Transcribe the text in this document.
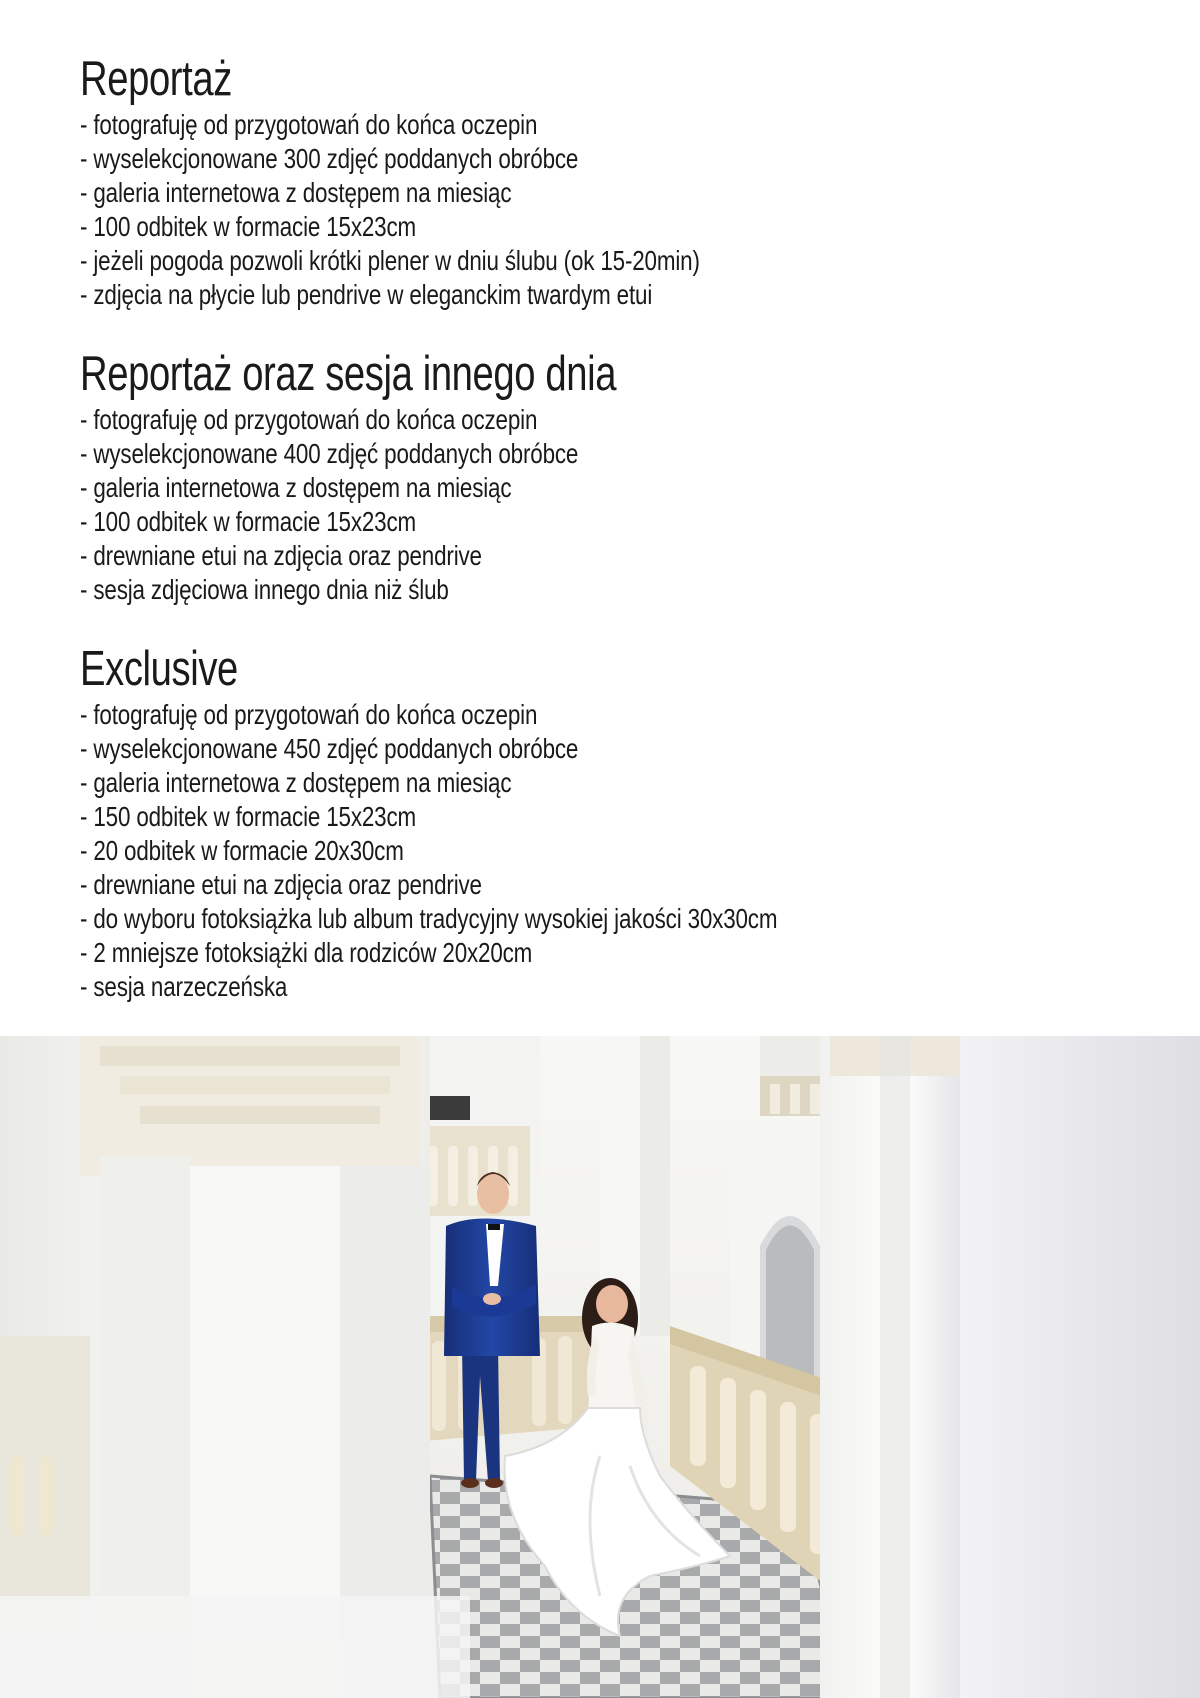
Reportaż
- fotografuję od przygotowań do końca oczepin
- wyselekcjonowane 300 zdjęć poddanych obróbce
- galeria internetowa z dostępem na miesiąc
- 100 odbitek w formacie 15x23cm
- jeżeli pogoda pozwoli krótki plener w dniu ślubu (ok 15-20min)
- zdjęcia na płycie lub pendrive w eleganckim twardym etui
Reportaż oraz sesja innego dnia
- fotografuję od przygotowań do końca oczepin
- wyselekcjonowane 400 zdjęć poddanych obróbce
- galeria internetowa z dostępem na miesiąc
- 100 odbitek w formacie 15x23cm
- drewniane etui na zdjęcia oraz pendrive
- sesja zdjęciowa innego dnia niż ślub
Exclusive
- fotografuję od przygotowań do końca oczepin
- wyselekcjonowane 450 zdjęć poddanych obróbce
- galeria internetowa z dostępem na miesiąc
- 150 odbitek w formacie 15x23cm
- 20 odbitek w formacie 20x30cm
- drewniane etui na zdjęcia oraz pendrive
- do wyboru fotoksiążka lub album tradycyjny wysokiej jakości 30x30cm
- 2 mniejsze fotoksiążki dla rodziców 20x20cm
- sesja narzeczeńska
